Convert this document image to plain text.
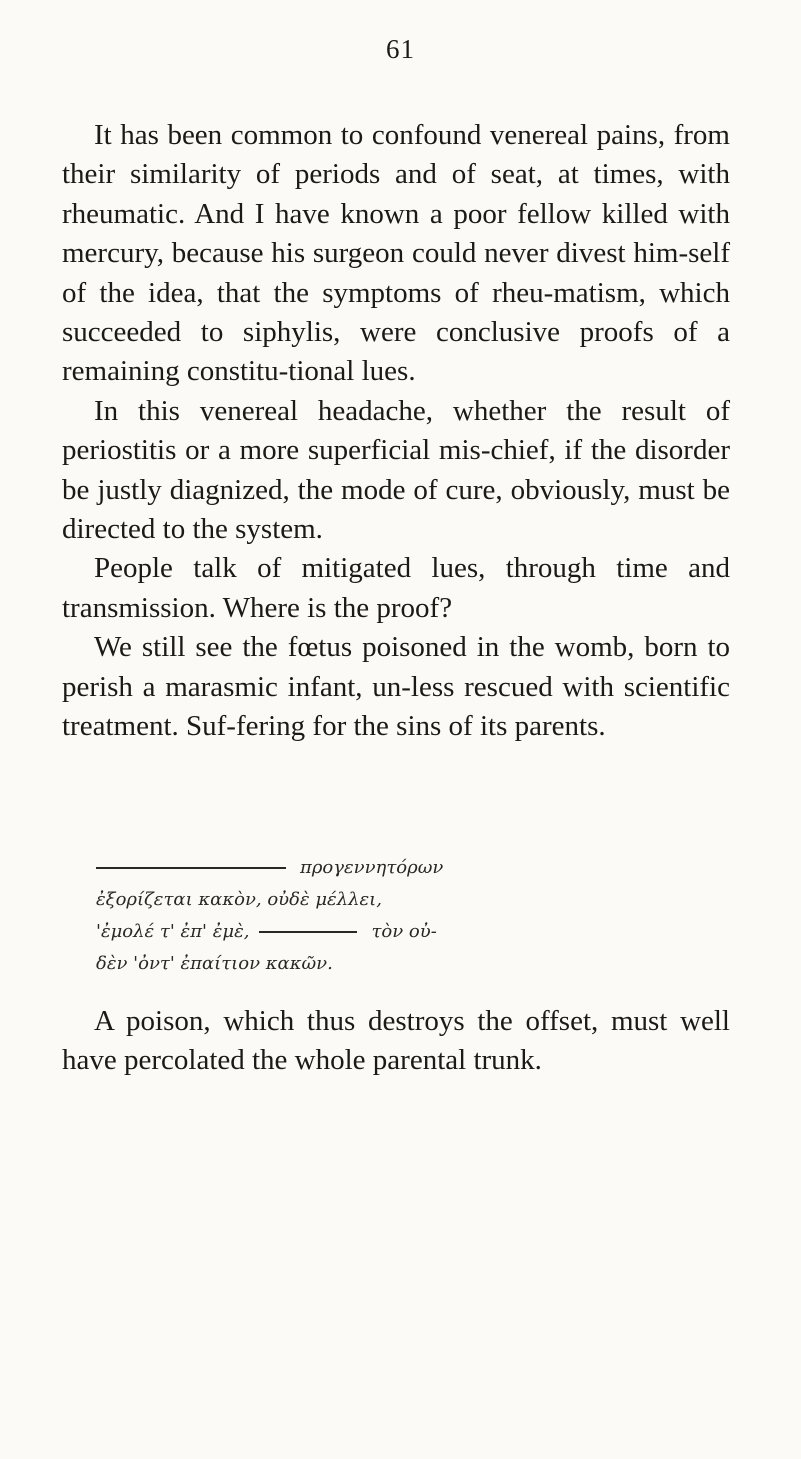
61

It has been common to confound venereal pains, from their similarity of periods and of seat, at times, with rheumatic. And I have known a poor fellow killed with mercury, because his surgeon could never divest him-self of the idea, that the symptoms of rheu-matism, which succeeded to siphylis, were conclusive proofs of a remaining constitu-tional lues.

In this venereal headache, whether the result of periostitis or a more superficial mis-chief, if the disorder be justly diagnized, the mode of cure, obviously, must be directed to the system.

People talk of mitigated lues, through time and transmission. Where is the proof?

We still see the fœtus poisoned in the womb, born to perish a marasmic infant, un-less rescued with scientific treatment. Suf-fering for the sins of its parents.

προγεννητόρων
ἐξορίζεται κακὸν, οὐδὲ μέλλει,
'ἐμολέ τ' ἐπ' ἐμὲ,	τὸν οὐ-
δὲν 'ὀντ' ἐπαίτιον κακῶν.

A poison, which thus destroys the offset, must well have percolated the whole parental trunk.
